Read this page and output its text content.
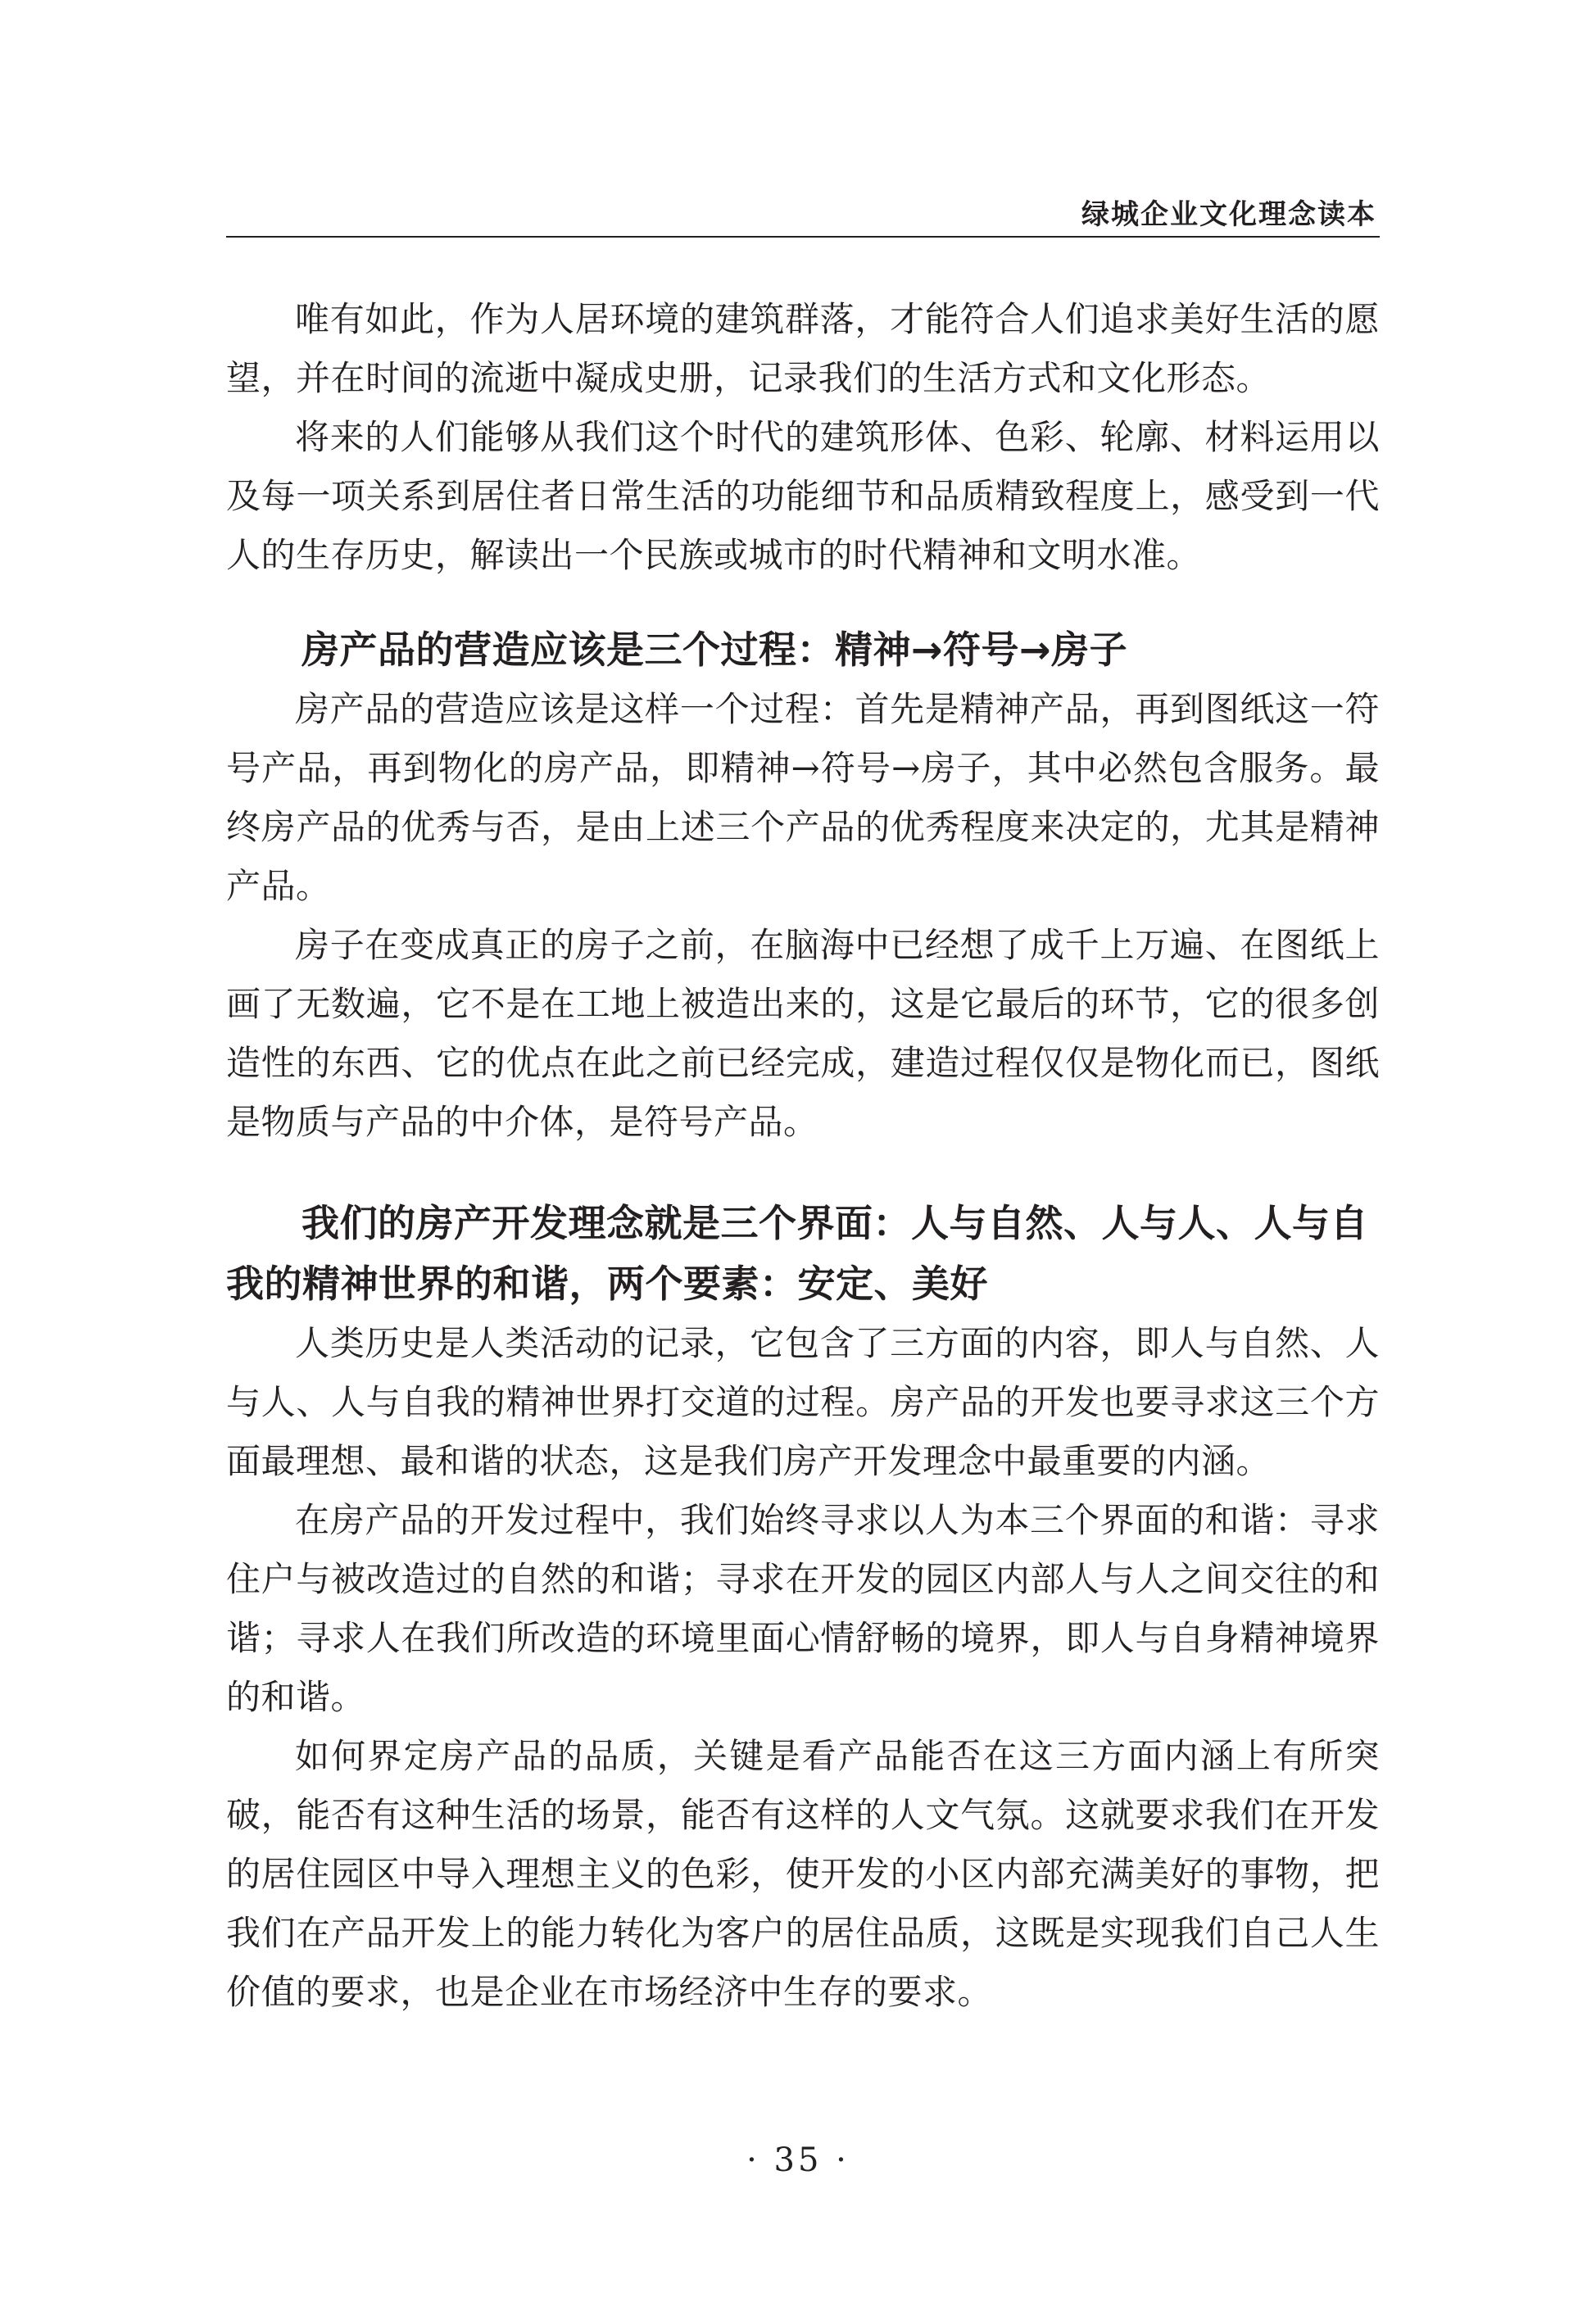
绿城企业文化理念读本

唯有如此，作为人居环境的建筑群落，才能符合人们追求美好生活的愿望，并在时间的流逝中凝成史册，记录我们的生活方式和文化形态。

将来的人们能够从我们这个时代的建筑形体、色彩、轮廓、材料运用以及每一项关系到居住者日常生活的功能细节和品质精致程度上，感受到一代人的生存历史，解读出一个民族或城市的时代精神和文明水准。

房产品的营造应该是三个过程：精神→符号→房子

房产品的营造应该是这样一个过程：首先是精神产品，再到图纸这一符号产品，再到物化的房产品，即精神→符号→房子，其中必然包含服务。最终房产品的优秀与否，是由上述三个产品的优秀程度来决定的，尤其是精神产品。

房子在变成真正的房子之前，在脑海中已经想了成千上万遍、在图纸上画了无数遍，它不是在工地上被造出来的，这是它最后的环节，它的很多创造性的东西、它的优点在此之前已经完成，建造过程仅仅是物化而已，图纸是物质与产品的中介体，是符号产品。

我们的房产开发理念就是三个界面：人与自然、人与人、人与自我的精神世界的和谐，两个要素：安定、美好

人类历史是人类活动的记录，它包含了三方面的内容，即人与自然、人与人、人与自我的精神世界打交道的过程。房产品的开发也要寻求这三个方面最理想、最和谐的状态，这是我们房产开发理念中最重要的内涵。

在房产品的开发过程中，我们始终寻求以人为本三个界面的和谐：寻求住户与被改造过的自然的和谐；寻求在开发的园区内部人与人之间交往的和谐；寻求人在我们所改造的环境里面心情舒畅的境界，即人与自身精神境界的和谐。

如何界定房产品的品质，关键是看产品能否在这三方面内涵上有所突破，能否有这种生活的场景，能否有这样的人文气氛。这就要求我们在开发的居住园区中导入理想主义的色彩，使开发的小区内部充满美好的事物，把我们在产品开发上的能力转化为客户的居住品质，这既是实现我们自己人生价值的要求，也是企业在市场经济中生存的要求。

· 35 ·
